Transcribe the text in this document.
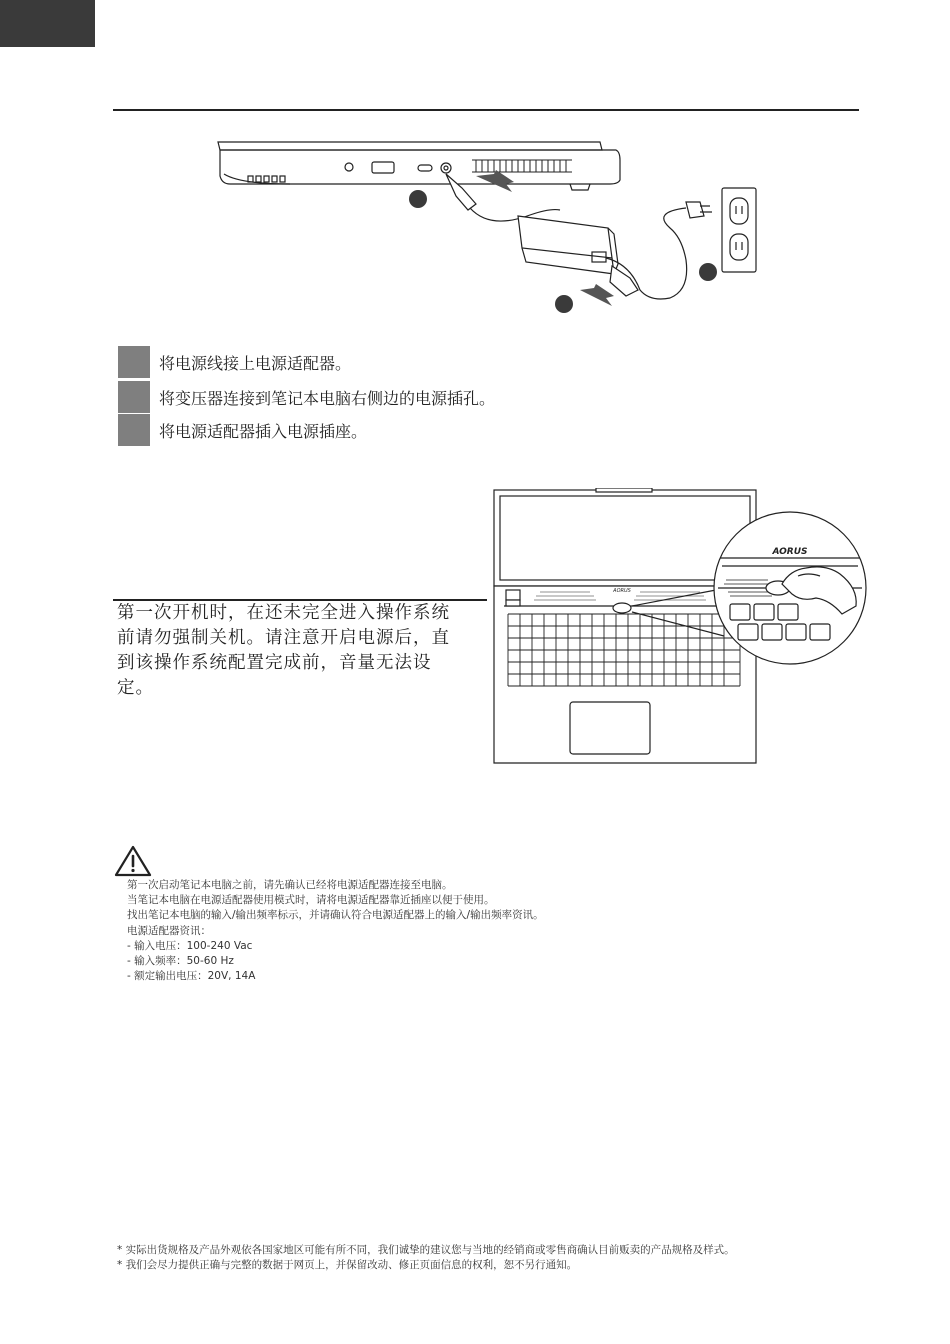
将电源线接上电源适配器。
将变压器连接到笔记本电脑右侧边的电源插孔。
将电源适配器插入电源插座。
第一次开机时，在还未完全进入操作系统前请勿强制关机。请注意开启电源后，直到该操作系统配置完成前，音量无法设定。
AORUS
AORUS
第一次启动笔记本电脑之前，请先确认已经将电源适配器连接至电脑。
当笔记本电脑在电源适配器使用模式时，请将电源适配器靠近插座以便于使用。
找出笔记本电脑的输入/输出频率标示，并请确认符合电源适配器上的输入/输出频率资讯。
电源适配器资讯：
- 输入电压：100-240 Vac
- 输入频率：50-60 Hz
- 额定输出电压：20V, 14A
* 实际出货规格及产品外观依各国家地区可能有所不同，我们诚挚的建议您与当地的经销商或零售商确认目前贩卖的产品规格及样式。
* 我们会尽力提供正确与完整的数据于网页上，并保留改动、修正页面信息的权利，恕不另行通知。
